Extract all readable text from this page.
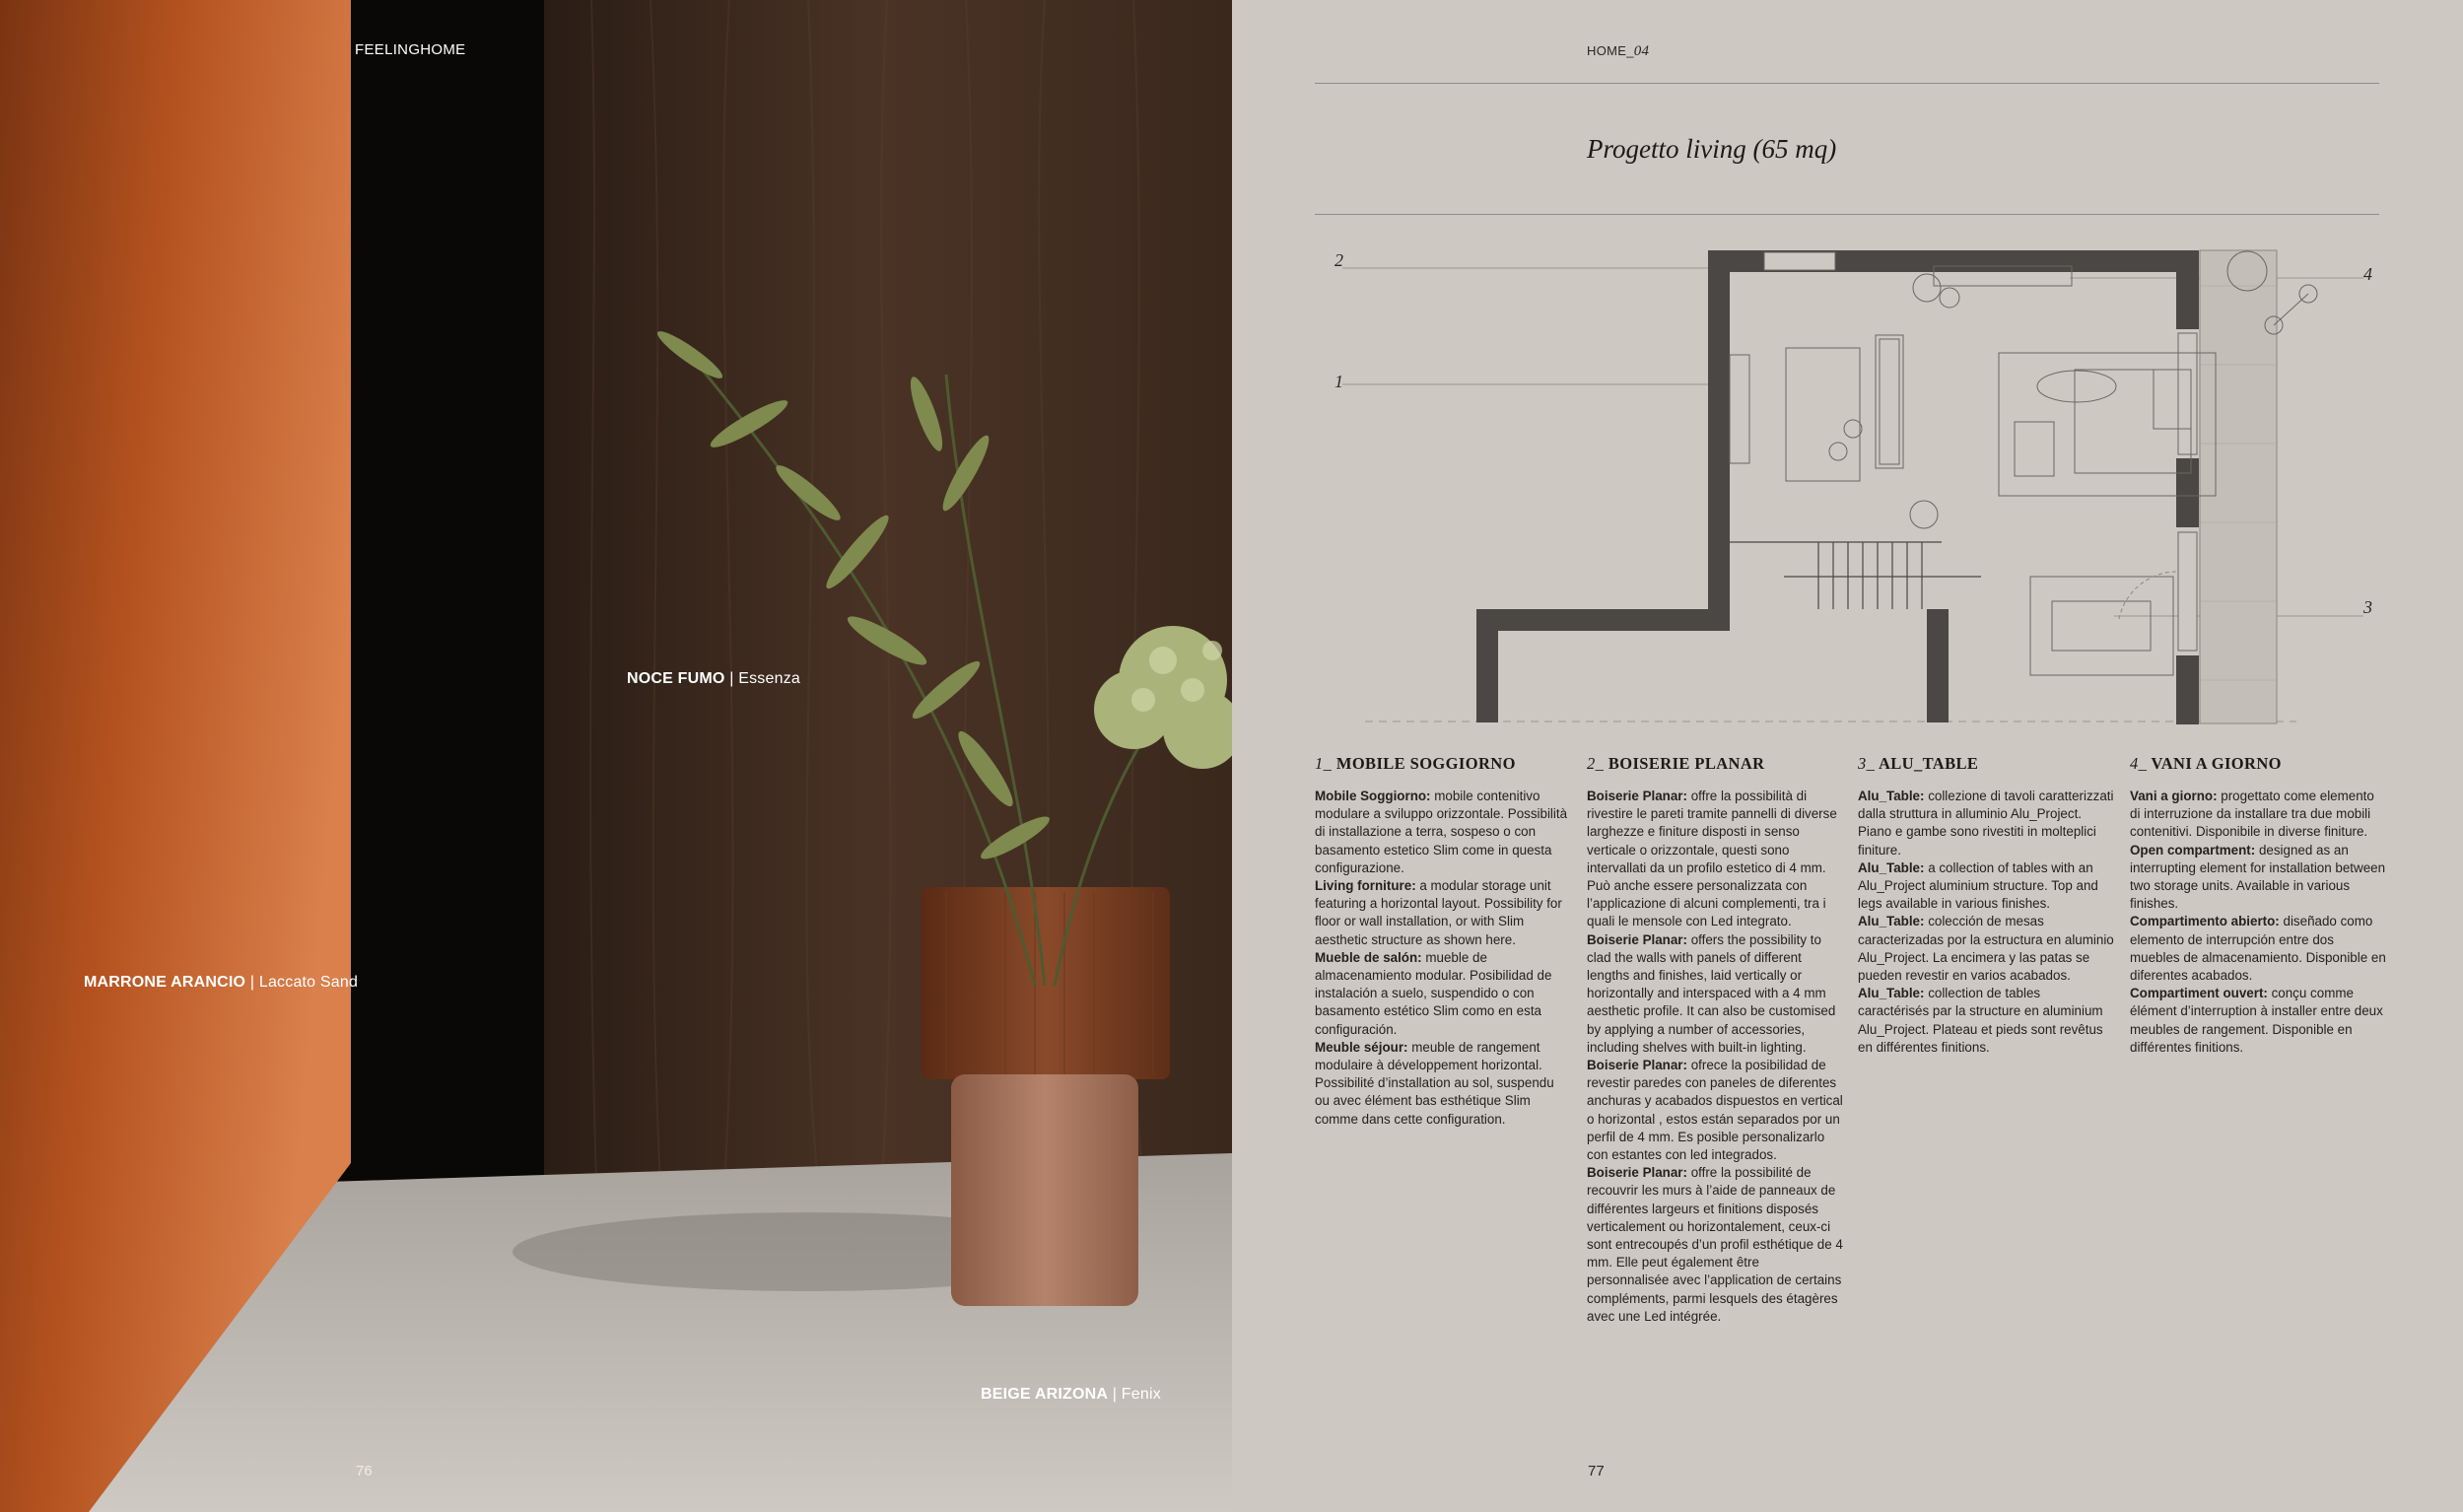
FEELINGHOME
NOCE FUMO | Essenza
MARRONE ARANCIO | Laccato Sand
BEIGE ARIZONA | Fenix
76
HOME_04
Progetto living (65 mq)
2
1
4
3
1_ MOBILE SOGGIORNO

Mobile Soggiorno: mobile contenitivo modulare a sviluppo orizzontale. Possibilità di installazione a terra, sospeso o con basamento estetico Slim come in questa configurazione.
Living forniture: a modular storage unit featuring a horizontal layout. Possibility for floor or wall installation, or with Slim aesthetic structure as shown here.
Mueble de salón: mueble de almacenamiento modular. Posibilidad de instalación a suelo, suspendido o con basamento estético Slim como en esta configuración.
Meuble séjour: meuble de rangement modulaire à développement horizontal. Possibilité d’installation au sol, suspendu ou avec élément bas esthétique Slim comme dans cette configuration.

2_ BOISERIE PLANAR

Boiserie Planar: offre la possibilità di rivestire le pareti tramite pannelli di diverse larghezze e finiture disposti in senso verticale o orizzontale, questi sono intervallati da un profilo estetico di 4 mm. Può anche essere personalizzata con l’applicazione di alcuni complementi, tra i quali le mensole con Led integrato.
Boiserie Planar: offers the possibility to clad the walls with panels of different lengths and finishes, laid vertically or horizontally and interspaced with a 4 mm aesthetic profile. It can also be customised by applying a number of accessories, including shelves with built-in lighting.
Boiserie Planar: ofrece la posibilidad de revestir paredes con paneles de diferentes anchuras y acabados dispuestos en vertical o horizontal , estos están separados por un perfil de 4 mm. Es posible personalizarlo con estantes con led integrados.
Boiserie Planar: offre la possibilité de recouvrir les murs à l’aide de panneaux de différentes largeurs et finitions disposés verticalement ou horizontalement, ceux-ci sont entrecoupés d’un profil esthétique de 4 mm. Elle peut également être personnalisée avec l’application de certains compléments, parmi lesquels des étagères avec une Led intégrée.

3_ ALU_TABLE

Alu_Table: collezione di tavoli caratterizzati dalla struttura in alluminio Alu_Project. Piano e gambe sono rivestiti in molteplici finiture.
Alu_Table: a collection of tables with an Alu_Project aluminium structure. Top and legs available in various finishes.
Alu_Table: colección de mesas caracterizadas por la estructura en aluminio Alu_Project. La encimera y las patas se pueden revestir en varios acabados.
Alu_Table: collection de tables caractérisés par la structure en aluminium Alu_Project. Plateau et pieds sont revêtus en différentes finitions.

4_ VANI A GIORNO

Vani a giorno: progettato come elemento di interruzione da installare tra due mobili contenitivi. Disponibile in diverse finiture.
Open compartment: designed as an interrupting element for installation between two storage units. Available in various finishes.
Compartimento abierto: diseñado como elemento de interrupción entre dos muebles de almacenamiento. Disponible en diferentes acabados.
Compartiment ouvert: conçu comme élément d’interruption à installer entre deux meubles de rangement. Disponible en différentes finitions.

77
